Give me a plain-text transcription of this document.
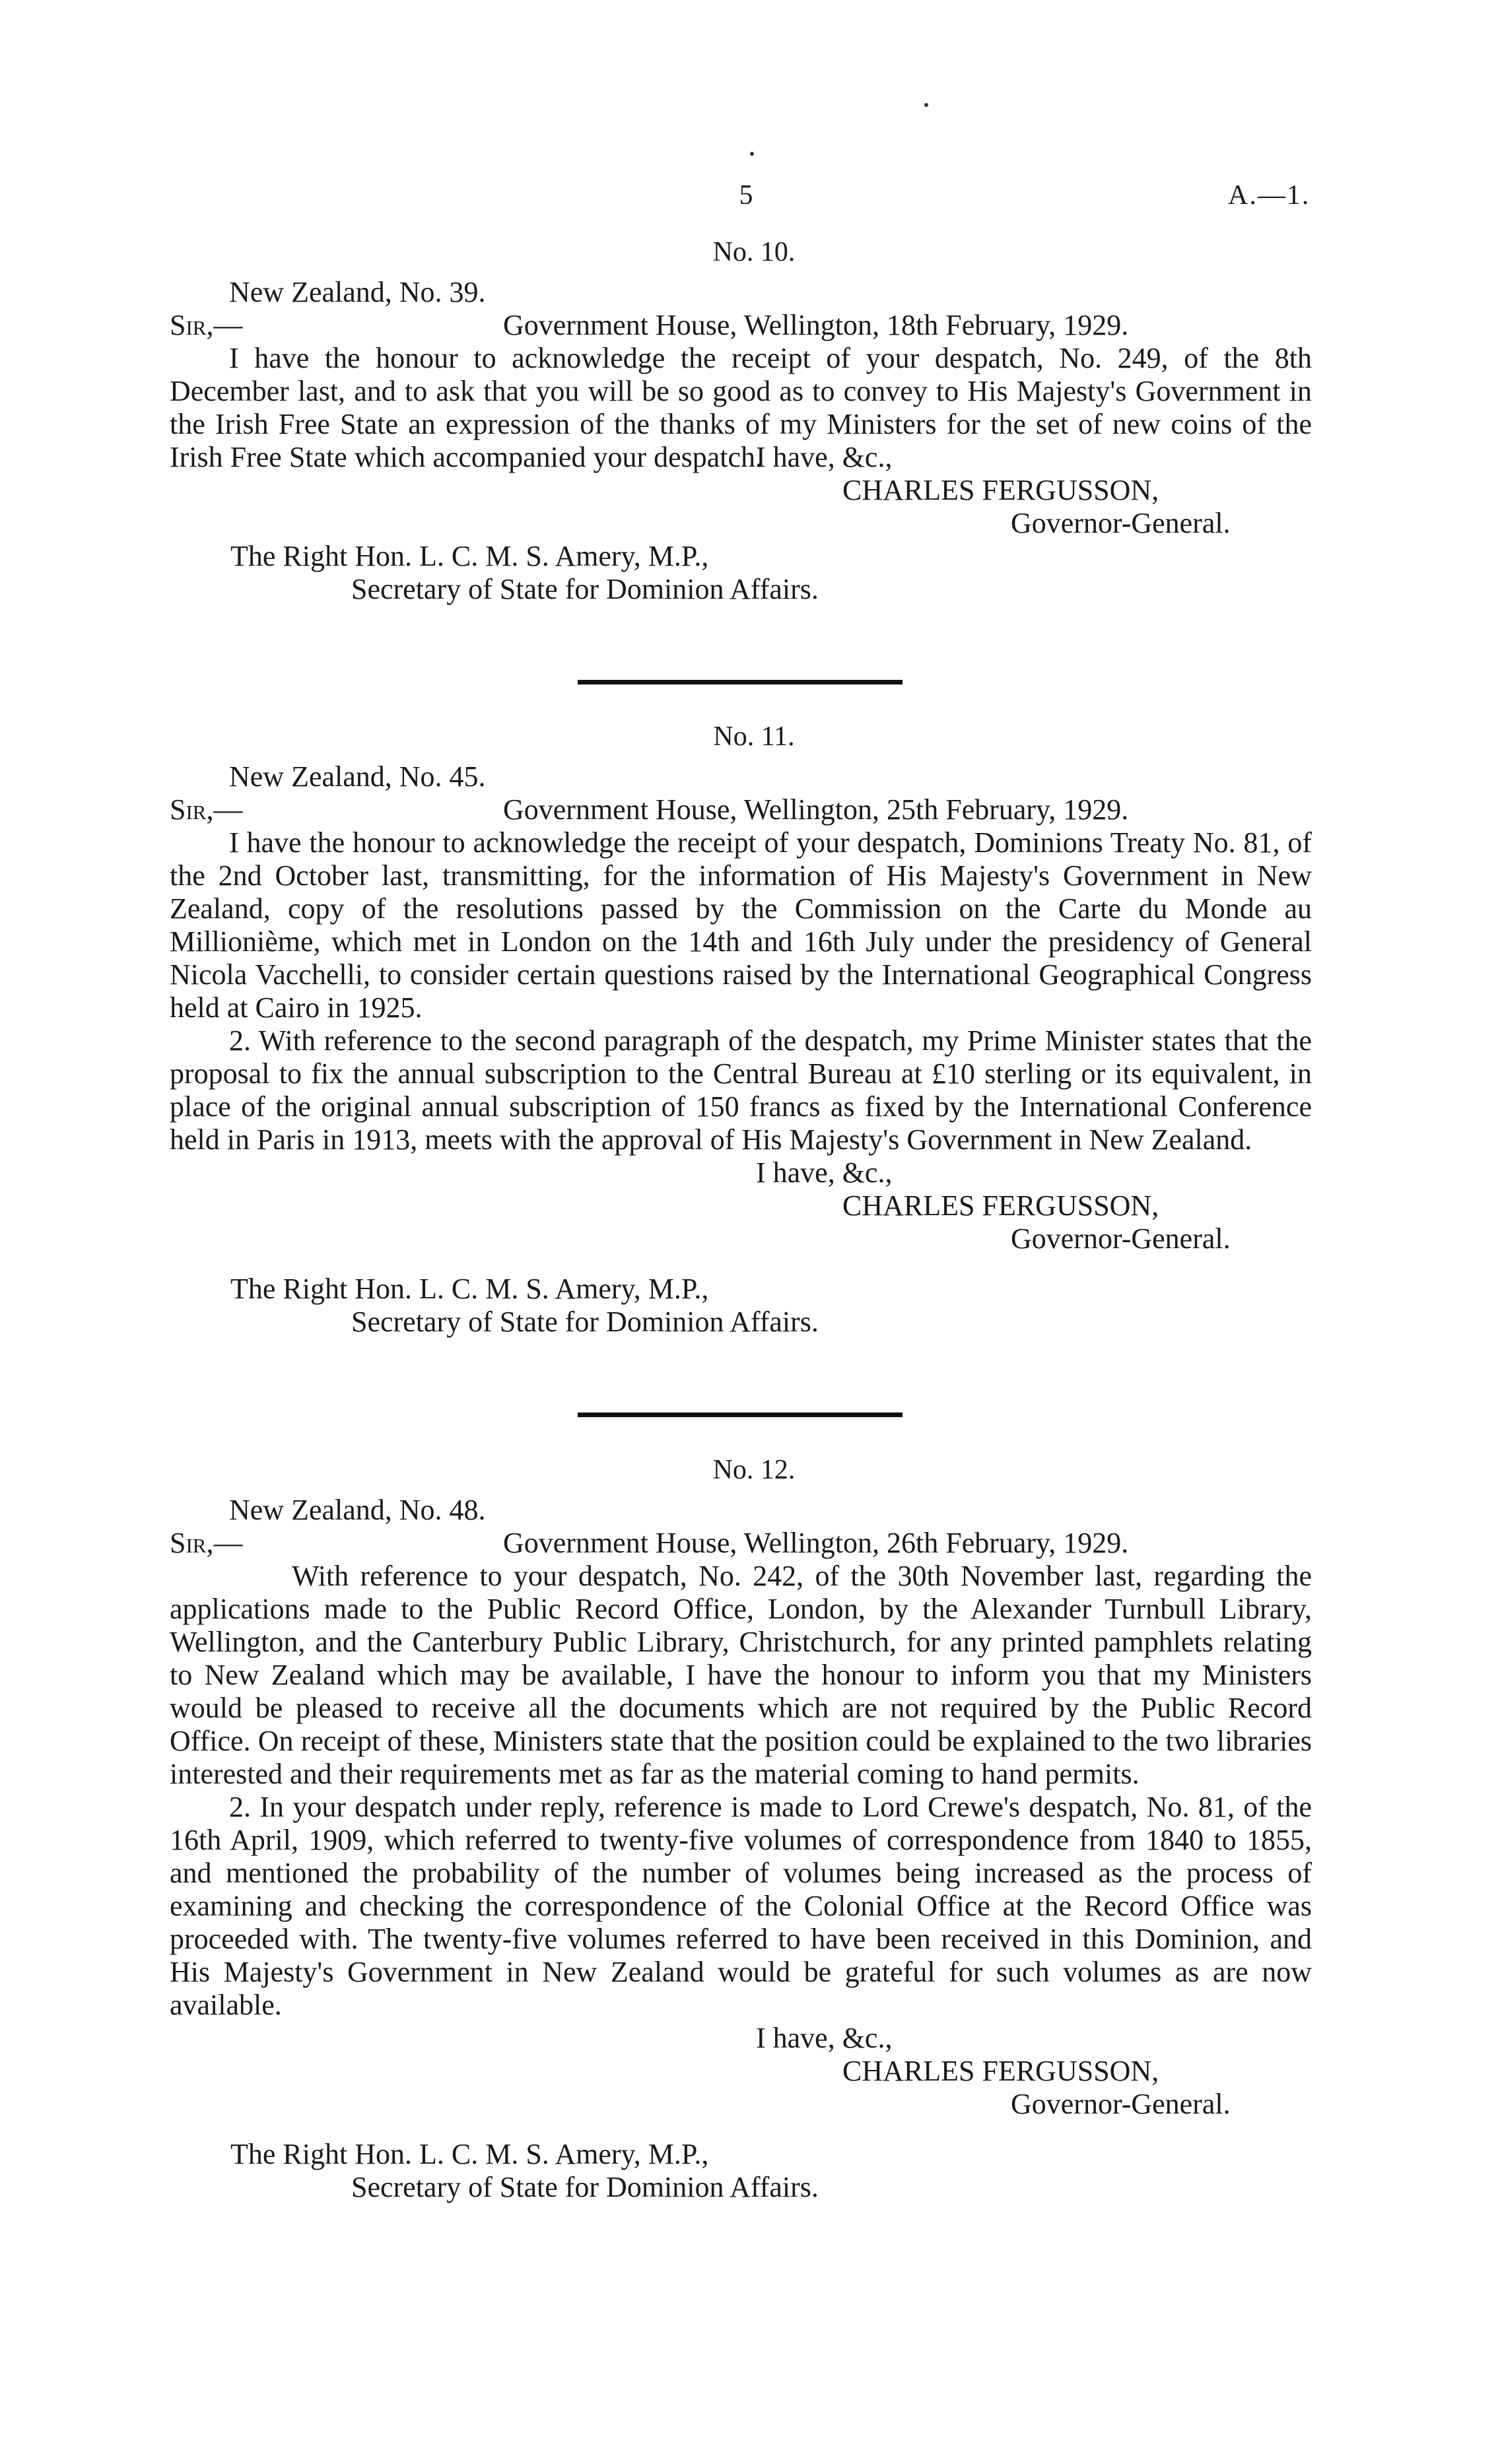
5	A.—1.
No. 10.
New Zealand, No. 39.
Sir,—	Government House, Wellington, 18th February, 1929.

I have the honour to acknowledge the receipt of your despatch, No. 249, of the 8th December last, and to ask that you will be so good as to convey to His Majesty's Government in the Irish Free State an expression of the thanks of my Ministers for the set of new coins of the Irish Free State which accompanied your despatch.

I have, &c.,
CHARLES FERGUSSON,
Governor-General.
The Right Hon. L. C. M. S. Amery, M.P.,
Secretary of State for Dominion Affairs.
No. 11.
New Zealand, No. 45.
Sir,—	Government House, Wellington, 25th February, 1929.

I have the honour to acknowledge the receipt of your despatch, Dominions Treaty No. 81, of the 2nd October last, transmitting, for the information of His Majesty's Government in New Zealand, copy of the resolutions passed by the Commission on the Carte du Monde au Millionième, which met in London on the 14th and 16th July under the presidency of General Nicola Vacchelli, to consider certain questions raised by the International Geographical Congress held at Cairo in 1925.

2. With reference to the second paragraph of the despatch, my Prime Minister states that the proposal to fix the annual subscription to the Central Bureau at £10 sterling or its equivalent, in place of the original annual subscription of 150 francs as fixed by the International Conference held in Paris in 1913, meets with the approval of His Majesty's Government in New Zealand.

I have, &c.,
CHARLES FERGUSSON,
Governor-General.
The Right Hon. L. C. M. S. Amery, M.P.,
Secretary of State for Dominion Affairs.
No. 12.
New Zealand, No. 48.
Sir,—	Government House, Wellington, 26th February, 1929.

With reference to your despatch, No. 242, of the 30th November last, regarding the applications made to the Public Record Office, London, by the Alexander Turnbull Library, Wellington, and the Canterbury Public Library, Christchurch, for any printed pamphlets relating to New Zealand which may be available, I have the honour to inform you that my Ministers would be pleased to receive all the documents which are not required by the Public Record Office. On receipt of these, Ministers state that the position could be explained to the two libraries interested and their requirements met as far as the material coming to hand permits.

2. In your despatch under reply, reference is made to Lord Crewe's despatch, No. 81, of the 16th April, 1909, which referred to twenty-five volumes of correspondence from 1840 to 1855, and mentioned the probability of the number of volumes being increased as the process of examining and checking the correspondence of the Colonial Office at the Record Office was proceeded with. The twenty-five volumes referred to have been received in this Dominion, and His Majesty's Government in New Zealand would be grateful for such volumes as are now available.

I have, &c.,
CHARLES FERGUSSON,
Governor-General.
The Right Hon. L. C. M. S. Amery, M.P.,
Secretary of State for Dominion Affairs.
